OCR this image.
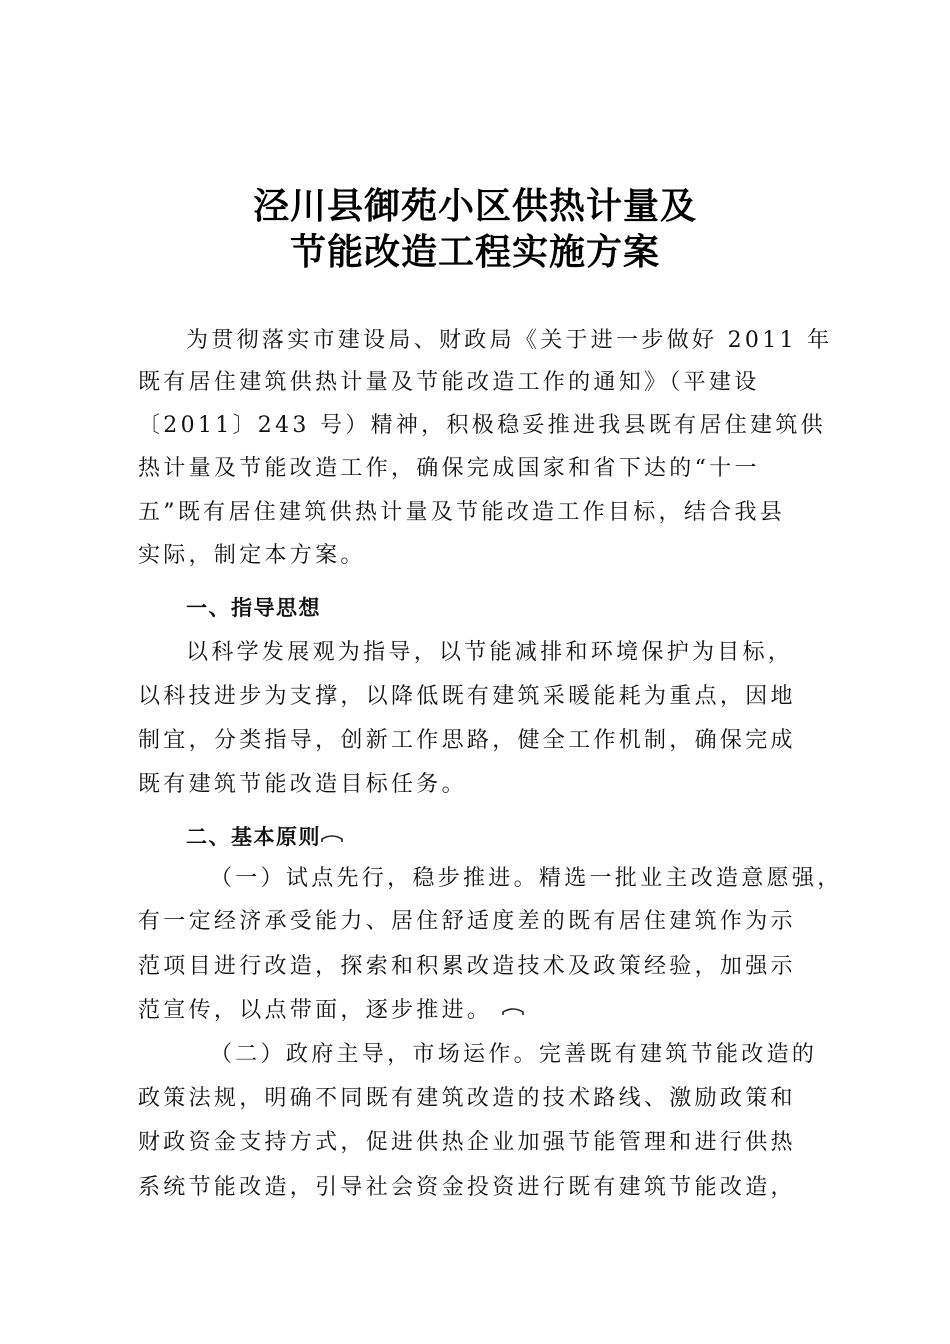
泾川县御苑小区供热计量及
节能改造工程实施方案
为贯彻落实市建设局、财政局《关于进一步做好 2011 年
既有居住建筑供热计量及节能改造工作的通知》（平建设
〔2011〕243 号）精神，积极稳妥推进我县既有居住建筑供
热计量及节能改造工作，确保完成国家和省下达的“十一
五”既有居住建筑供热计量及节能改造工作目标，结合我县
实际，制定本方案。
一、指导思想
以科学发展观为指导，以节能减排和环境保护为目标，
以科技进步为支撑，以降低既有建筑采暖能耗为重点，因地
制宜，分类指导，创新工作思路，健全工作机制，确保完成
既有建筑节能改造目标任务。
二、基本原则
（一）试点先行，稳步推进。精选一批业主改造意愿强，
有一定经济承受能力、居住舒适度差的既有居住建筑作为示
范项目进行改造，探索和积累改造技术及政策经验，加强示
范宣传，以点带面，逐步推进。
（二）政府主导，市场运作。完善既有建筑节能改造的
政策法规，明确不同既有建筑改造的技术路线、激励政策和
财政资金支持方式，促进供热企业加强节能管理和进行供热
系统节能改造，引导社会资金投资进行既有建筑节能改造，
